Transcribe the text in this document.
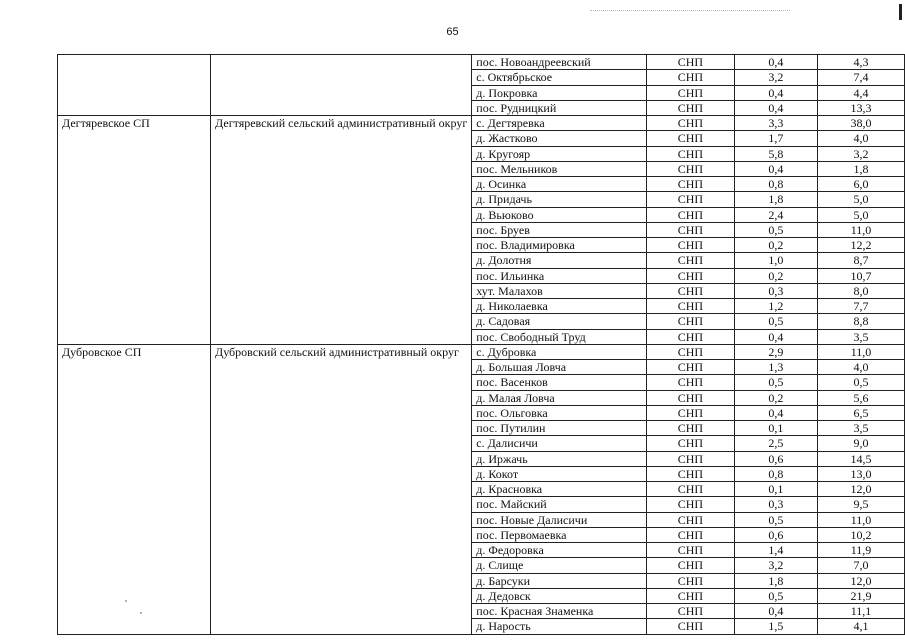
65
		пос. Новоандреевский	СНП	0,4	4,3
		с. Октябрьское	СНП	3,2	7,4
		д. Покровка	СНП	0,4	4,4
		пос. Рудницкий	СНП	0,4	13,3
Дегтяревское СП	Дегтяревский сельский административный округ	с. Дегтяревка	СНП	3,3	38,0
		д. Жастково	СНП	1,7	4,0
		д. Кругояр	СНП	5,8	3,2
		пос. Мельников	СНП	0,4	1,8
		д. Осинка	СНП	0,8	6,0
		д. Придачь	СНП	1,8	5,0
		д. Вьюково	СНП	2,4	5,0
		пос. Бруев	СНП	0,5	11,0
		пос. Владимировка	СНП	0,2	12,2
		д. Долотня	СНП	1,0	8,7
		пос. Ильинка	СНП	0,2	10,7
		хут. Малахов	СНП	0,3	8,0
		д. Николаевка	СНП	1,2	7,7
		д. Садовая	СНП	0,5	8,8
		пос. Свободный Труд	СНП	0,4	3,5
Дубровское СП	Дубровский сельский административный округ	с. Дубровка	СНП	2,9	11,0
		д. Большая Ловча	СНП	1,3	4,0
		пос. Васенков	СНП	0,5	0,5
		д. Малая Ловча	СНП	0,2	5,6
		пос. Ольговка	СНП	0,4	6,5
		пос. Путилин	СНП	0,1	3,5
		с. Далисичи	СНП	2,5	9,0
		д. Иржачь	СНП	0,6	14,5
		д. Кокот	СНП	0,8	13,0
		д. Красновка	СНП	0,1	12,0
		пос. Майский	СНП	0,3	9,5
		пос. Новые Далисичи	СНП	0,5	11,0
		пос. Первомаевка	СНП	0,6	10,2
		д. Федоровка	СНП	1,4	11,9
		д. Слище	СНП	3,2	7,0
		д. Барсуки	СНП	1,8	12,0
		д. Дедовск	СНП	0,5	21,9
		пос. Красная Знаменка	СНП	0,4	11,1
		д. Нарость	СНП	1,5	4,1
